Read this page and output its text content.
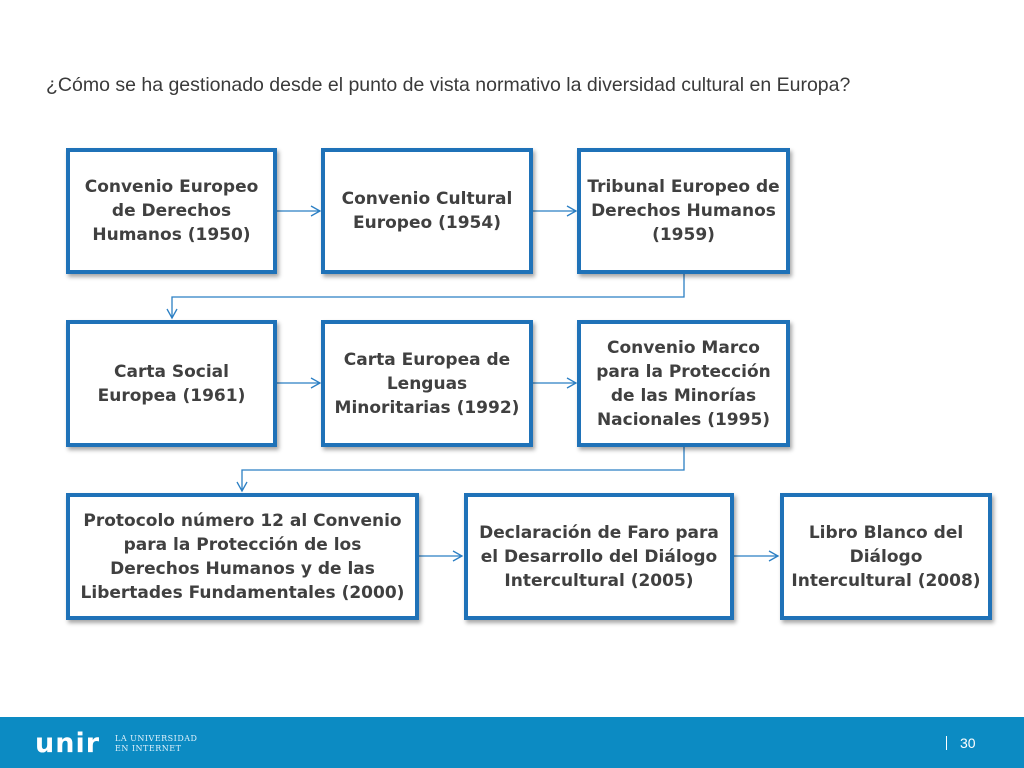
¿Cómo se ha gestionado desde el punto de vista normativo la diversidad cultural en Europa?
Convenio Europeo de Derechos Humanos (1950)
Convenio Cultural Europeo (1954)
Tribunal Europeo de Derechos Humanos (1959)
Carta Social Europea (1961)
Carta Europea de Lenguas Minoritarias (1992)
Convenio Marco para la Protección de las Minorías Nacionales (1995)
Protocolo número 12 al Convenio para la Protección de los Derechos Humanos y de las Libertades Fundamentales (2000)
Declaración de Faro para el Desarrollo del Diálogo Intercultural (2005)
Libro Blanco del Diálogo Intercultural (2008)
unir LA UNIVERSIDAD
EN INTERNET	30
